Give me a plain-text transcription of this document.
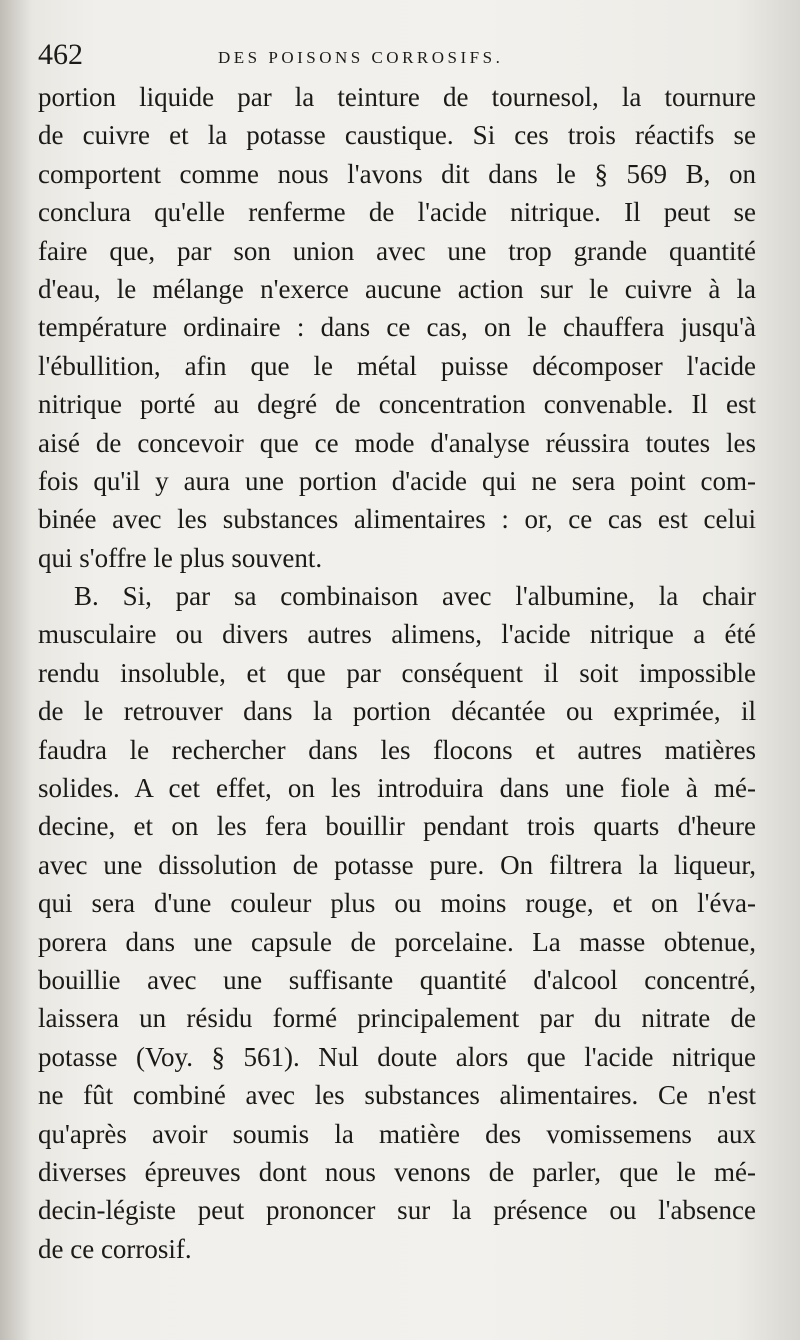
462	DES POISONS CORROSIFS.
portion liquide par la teinture de tournesol, la tournure
de cuivre et la potasse caustique. Si ces trois réactifs se
comportent comme nous l'avons dit dans le § 569 B, on
conclura qu'elle renferme de l'acide nitrique. Il peut se
faire que, par son union avec une trop grande quantité
d'eau, le mélange n'exerce aucune action sur le cuivre à la
température ordinaire : dans ce cas, on le chauffera jusqu'à
l'ébullition, afin que le métal puisse décomposer l'acide
nitrique porté au degré de concentration convenable. Il est
aisé de concevoir que ce mode d'analyse réussira toutes les
fois qu'il y aura une portion d'acide qui ne sera point com-
binée avec les substances alimentaires : or, ce cas est celui
qui s'offre le plus souvent.
B. Si, par sa combinaison avec l'albumine, la chair
musculaire ou divers autres alimens, l'acide nitrique a été
rendu insoluble, et que par conséquent il soit impossible
de le retrouver dans la portion décantée ou exprimée, il
faudra le rechercher dans les flocons et autres matières
solides. A cet effet, on les introduira dans une fiole à mé-
decine, et on les fera bouillir pendant trois quarts d'heure
avec une dissolution de potasse pure. On filtrera la liqueur,
qui sera d'une couleur plus ou moins rouge, et on l'éva-
porera dans une capsule de porcelaine. La masse obtenue,
bouillie avec une suffisante quantité d'alcool concentré,
laissera un résidu formé principalement par du nitrate de
potasse (Voy. § 561). Nul doute alors que l'acide nitrique
ne fût combiné avec les substances alimentaires. Ce n'est
qu'après avoir soumis la matière des vomissemens aux
diverses épreuves dont nous venons de parler, que le mé-
decin-légiste peut prononcer sur la présence ou l'absence
de ce corrosif.
